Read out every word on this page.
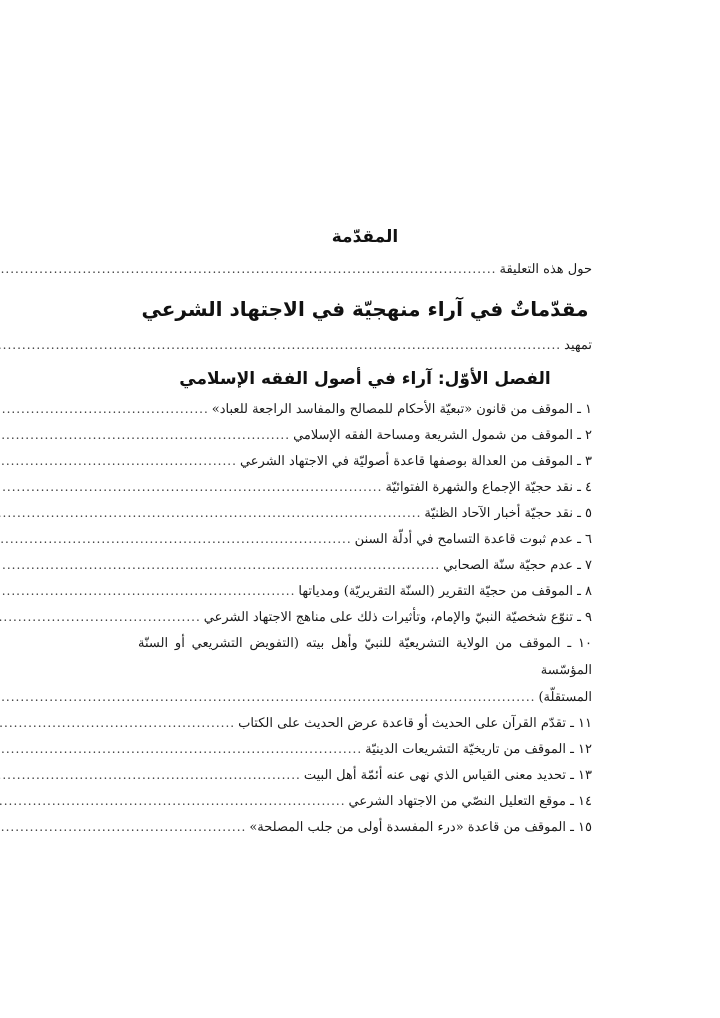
المقدّمة
حول هذه التعليقة
.....
مقدّماتٌ في آراء منهجيّة في الاجتهاد الشرعي
تمهيد
.....
الفصل الأوّل: آراء في أصول الفقه الإسلامي
١ ـ الموقف من قانون «تبعيّة الأحكام للمصالح والمفاسد الراجعة للعباد»
.....
٢ ـ الموقف من شمول الشريعة ومساحة الفقه الإسلامي
.....
٣ ـ الموقف من العدالة بوصفها قاعدة أصوليّة في الاجتهاد الشرعي
.....
٤ ـ نقد حجيّة الإجماع والشهرة الفتوائيّة
.....
٥ ـ نقد حجيّة أخبار الآحاد الظنيّة
.....
٦ ـ عدم ثبوت قاعدة التسامح في أدلّة السنن
.....
٧ ـ عدم حجيّة سنّة الصحابي
.....
٨ ـ الموقف من حجيّة التقرير (السنّة التقريريّة) ومدياتها
.....
٩ ـ تنوّع شخصيّة النبيّ والإمام، وتأثيرات ذلك على مناهج الاجتهاد الشرعي
.....
١٠ ـ الموقف من الولاية التشريعيّة للنبيّ وأهل بيته (التفويض التشريعي أو السنّة المؤسّسة
المستقلّة)
.....
١١ ـ تقدّم القرآن على الحديث أو قاعدة عرض الحديث على الكتاب
.....
١٢ ـ الموقف من تاريخيّة التشريعات الدينيّة
.....
١٣ ـ تحديد معنى القياس الذي نهى عنه أئمّة أهل البيت
.....
١٤ ـ موقع التعليل النصّي من الاجتهاد الشرعي
.....
١٥ ـ الموقف من قاعدة «درء المفسدة أولى من جلب المصلحة»
.....
